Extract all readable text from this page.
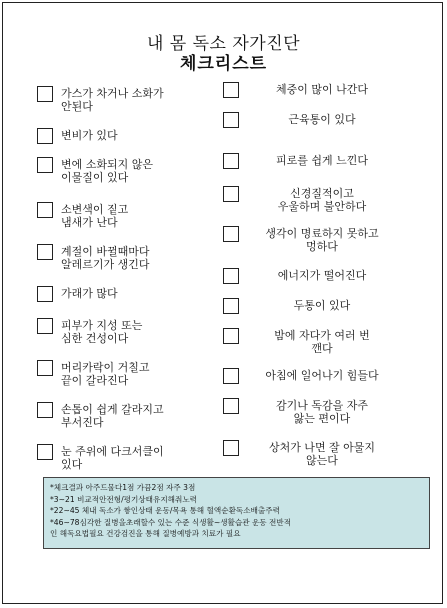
내 몸 독소 자가진단
체크리스트
가스가 차거나 소화가
안된다
변비가 있다
변에 소화되지 않은
이물질이 있다
소변색이 짙고
냄새가 난다
계절이 바뀔때마다
알레르기가 생긴다
가래가 많다
피부가 지성 또는
심한 건성이다
머리카락이 거칠고
끝이 갈라진다
손톱이 쉽게 갈라지고
부서진다
눈 주위에 다크서클이
있다
체중이 많이 나간다
근육통이 있다
피로를 쉽게 느낀다
신경질적이고
우울하며 불안하다
생각이 명료하지 못하고
멍하다
에너지가 떨어진다
두통이 있다
밤에 자다가 여러 번
깬다
아침에 일어나기 힘들다
감기나 독감을 자주
앓는 편이다
상처가 나면 잘 아물지
않는다
*체크결과 아주드물다1점 가끔2점 자주 3점
*3~21 비교적안전형/평기상태유지해줘노력
*22~45 체내 독소가 쌓인상태 운동/목욕 통해 혈액순환독소배출주력
*46~78심각한 질병을초래할수 있는 수준 식생활~생활습관 운동 전반적
인 해독요법필요 건강검진을 통해 질병예방과 치료가 필요
